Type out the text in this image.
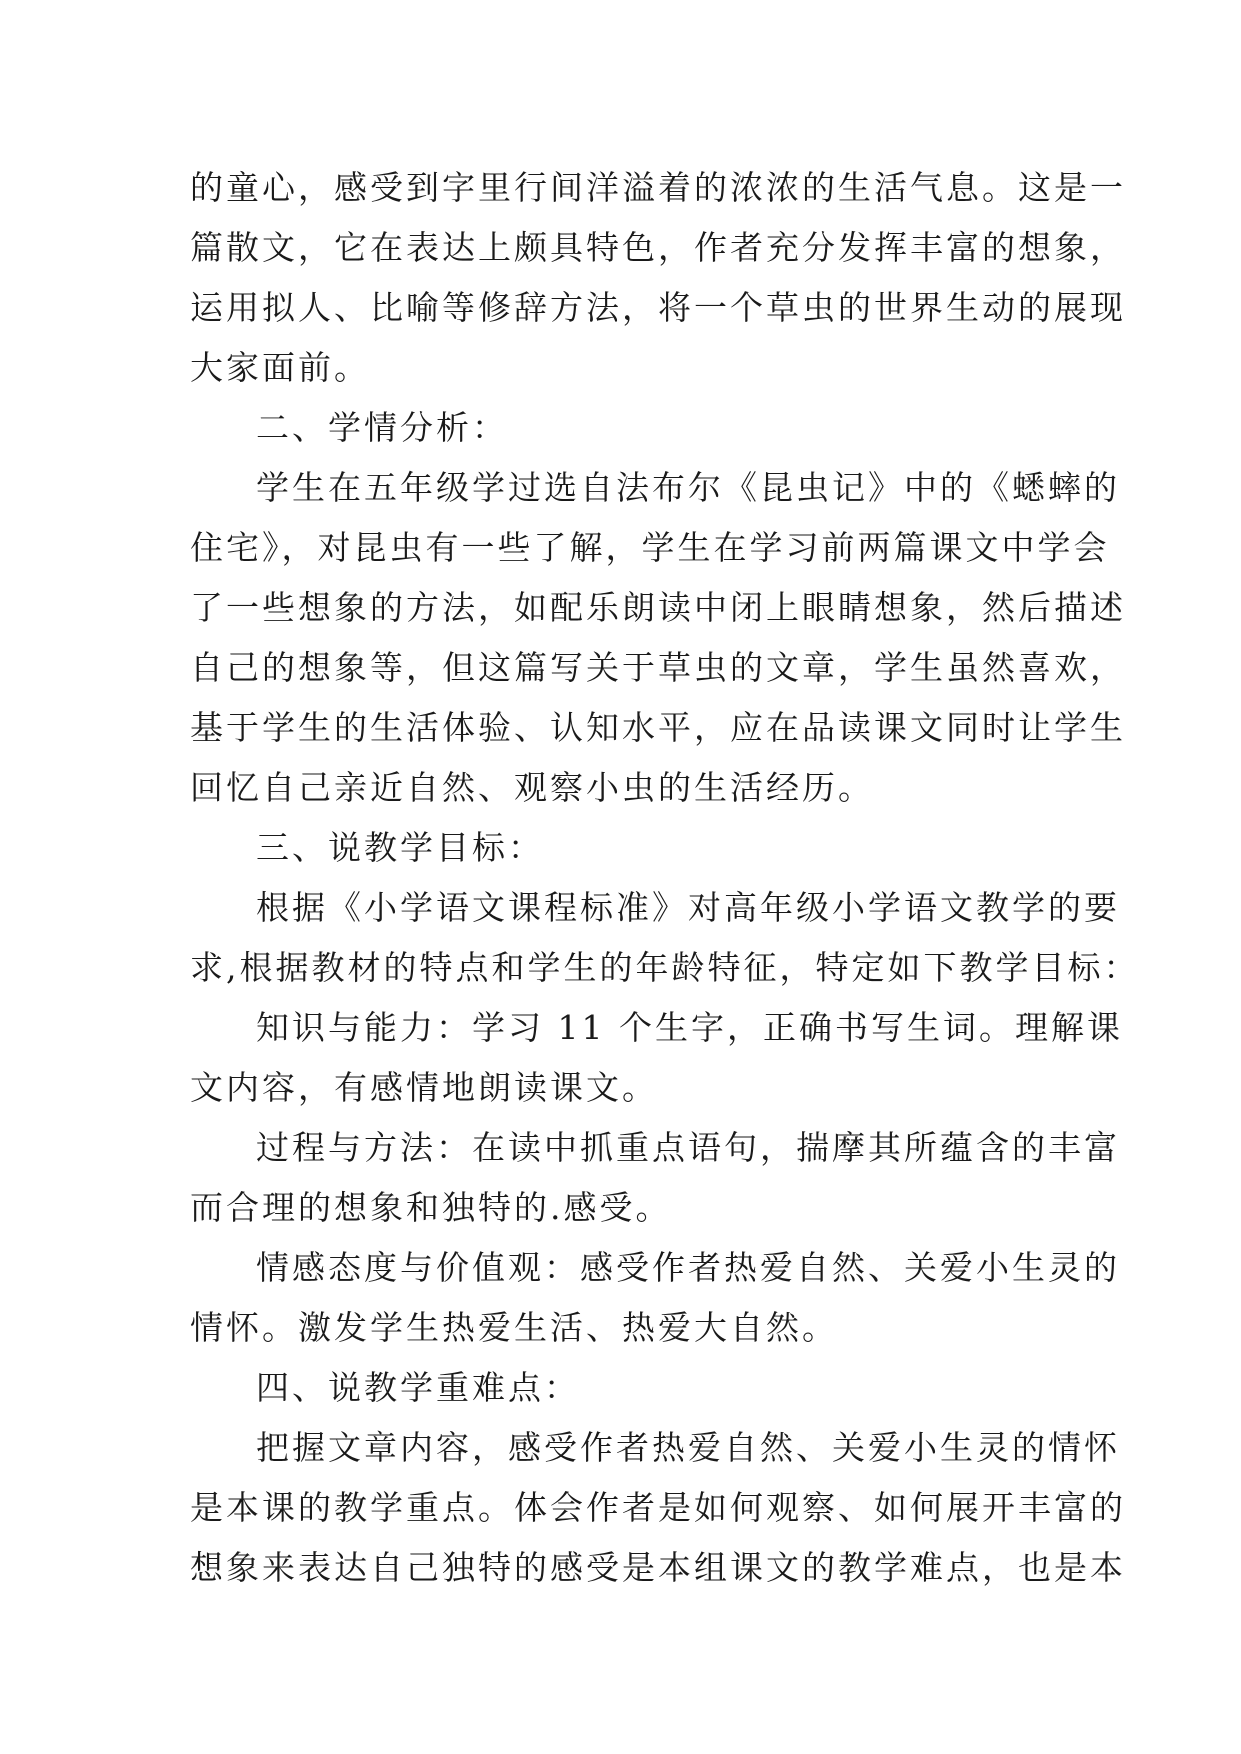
的童心，感受到字里行间洋溢着的浓浓的生活气息。这是一
篇散文，它在表达上颇具特色，作者充分发挥丰富的想象，
运用拟人、比喻等修辞方法，将一个草虫的世界生动的展现
大家面前。
二、学情分析：
学生在五年级学过选自法布尔《昆虫记》中的《蟋蟀的
住宅》，对昆虫有一些了解，学生在学习前两篇课文中学会
了一些想象的方法，如配乐朗读中闭上眼睛想象，然后描述
自己的想象等，但这篇写关于草虫的文章，学生虽然喜欢，
基于学生的生活体验、认知水平，应在品读课文同时让学生
回忆自己亲近自然、观察小虫的生活经历。
三、说教学目标：
根据《小学语文课程标准》对高年级小学语文教学的要
求,根据教材的特点和学生的年龄特征，特定如下教学目标：
知识与能力：学习 11 个生字，正确书写生词。理解课
文内容，有感情地朗读课文。
过程与方法：在读中抓重点语句，揣摩其所蕴含的丰富
而合理的想象和独特的.感受。
情感态度与价值观：感受作者热爱自然、关爱小生灵的
情怀。激发学生热爱生活、热爱大自然。
四、说教学重难点：
把握文章内容，感受作者热爱自然、关爱小生灵的情怀
是本课的教学重点。体会作者是如何观察、如何展开丰富的
想象来表达自己独特的感受是本组课文的教学难点，也是本
